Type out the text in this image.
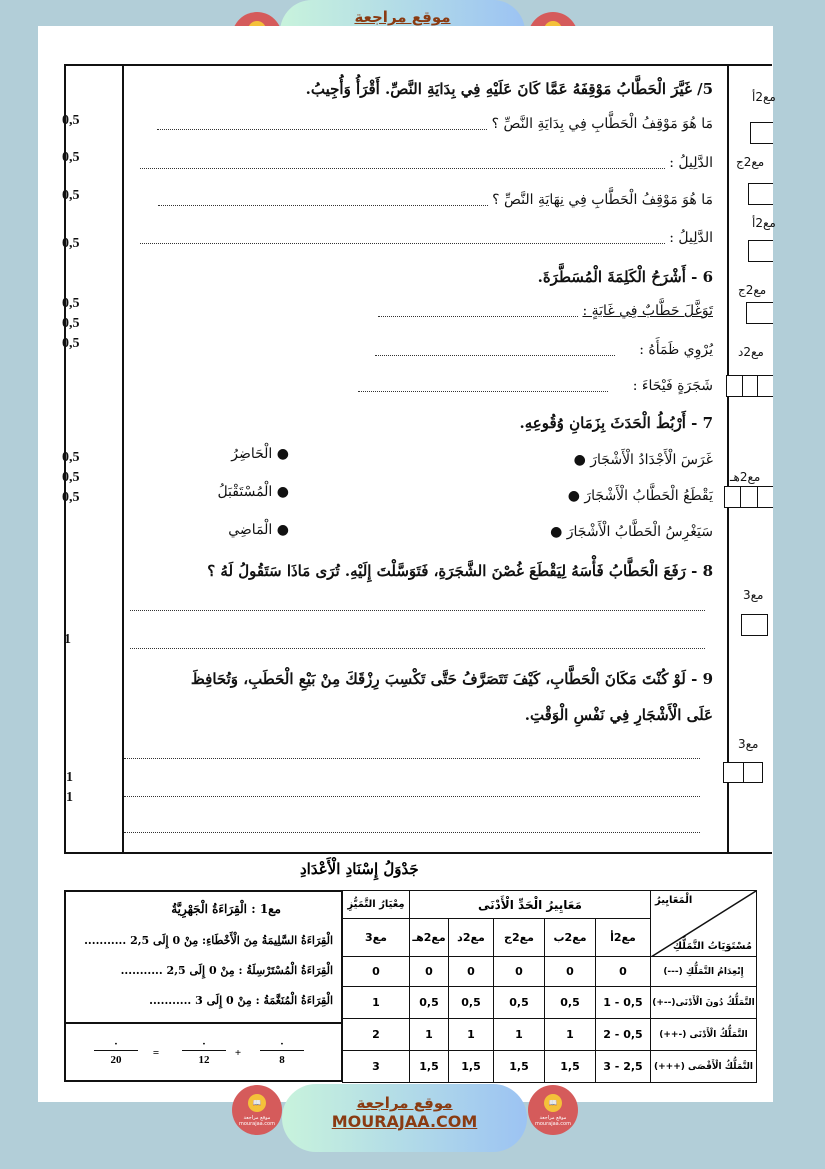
موقع مراجعة
5/ غَيَّرَ الْحَطَّابُ مَوْقِفَهُ عَمَّا كَانَ عَلَيْهِ فِي بِدَايَةِ النَّصِّ. أَقْرَأُ وَأُجِيبُ.
مَا هُوَ مَوْقِفُ الْحَطَّابِ فِي بِدَايَةِ النَّصِّ ؟
0,5
الدَّلِيلُ :
0,5
مَا هُوَ مَوْقِفُ الْحَطَّابِ فِي نِهَايَةِ النَّصِّ ؟
0,5
الدَّلِيلُ :
0,5
6 - أَشْرَحُ الْكَلِمَةَ الْمُسَطَّرَةَ.
تَوَغَّلَ حَطَّابٌ فِي غَابَةٍ :
يُرْوِي ظَمَأَهُ :
شَجَرَةٍ فَيْحَاءَ :
0,5
0,5
0,5
7 - أَرْبُطُ الْحَدَثَ بِزَمَانِ وُقُوعِهِ.
غَرَسَ الْأَجْدَادُ الْأَشْجَارَ ●
يَقْطَعُ الْحَطَّابُ الْأَشْجَارَ ●
سَيَغْرِسُ الْحَطَّابُ الْأَشْجَارَ ●
● الْحَاضِرُ
● الْمُسْتَقْبَلُ
● الْمَاضِي
0,5
0,5
0,5
8 - رَفَعَ الْحَطَّابُ فَأْسَهُ لِيَقْطَعَ غُصْنَ الشَّجَرَةِ، فَتَوَسَّلْتَ إِلَيْهِ. تُرَى مَاذَا سَتَقُولُ لَهُ ؟
1
9 - لَوْ كُنْتَ مَكَانَ الْحَطَّابِ، كَيْفَ تَتَصَرَّفُ حَتَّى تَكْسِبَ رِزْقَكَ مِنْ بَيْعِ الْحَطَبِ، وَتُحَافِظَ
عَلَى الْأَشْجَارِ فِي نَفْسِ الْوَقْتِ.
1
1
مع2أ
مع2ج
مع2أ
مع2ج
مع2د
مع2هـ
مع3
مع3
جَدْوَلُ إِسْنَادِ الْأَعْدَادِ
مع1 : الْقِرَاءَةُ الْجَهْرِيَّةُ
الْقِرَاءَةُ السَّلِيمَةُ مِنَ الْأَخْطَاءِ: مِنْ 0 إِلَى 2,5 ...........
الْقِرَاءَةُ الْمُسْتَرْسِلَةُ : مِنْ 0 إِلَى 2,5 ...........
الْقِرَاءَةُ الْمُنَغَّمَةُ : مِنْ 0 إِلَى 3 ...........
·
20
=
·
12
+
·
8
الْمَعَايِيرُ
مُسْتَوَيَاتُ التَّمَلُّكِ	مَعَايِيرُ الْحَدِّ الْأَدْنَى					مِعْيَارُ التَّمَيُّزِ
	مع2أ	مع2ب	مع2ج	مع2د	مع2هـ	مع3
إِنْعِدَامُ التَّمَلُّكِ (---)	0	0	0	0	0	0
التَّمَلُّكُ دُونَ الْأَدْنَى(--+)	0,5 - 1	0,5	0,5	0,5	0,5	1
التَّمَلُّكُ الْأَدْنَى (-++)	0,5 - 2	1	1	1	1	2
التَّمَلُّكُ الْأَقْصَى (+++)	2,5 - 3	1,5	1,5	1,5	1,5	3
📖
موقع مراجعة mourajaa.com
موقع مراجعة
MOURAJAA.COM
📖
موقع مراجعة mourajaa.com
